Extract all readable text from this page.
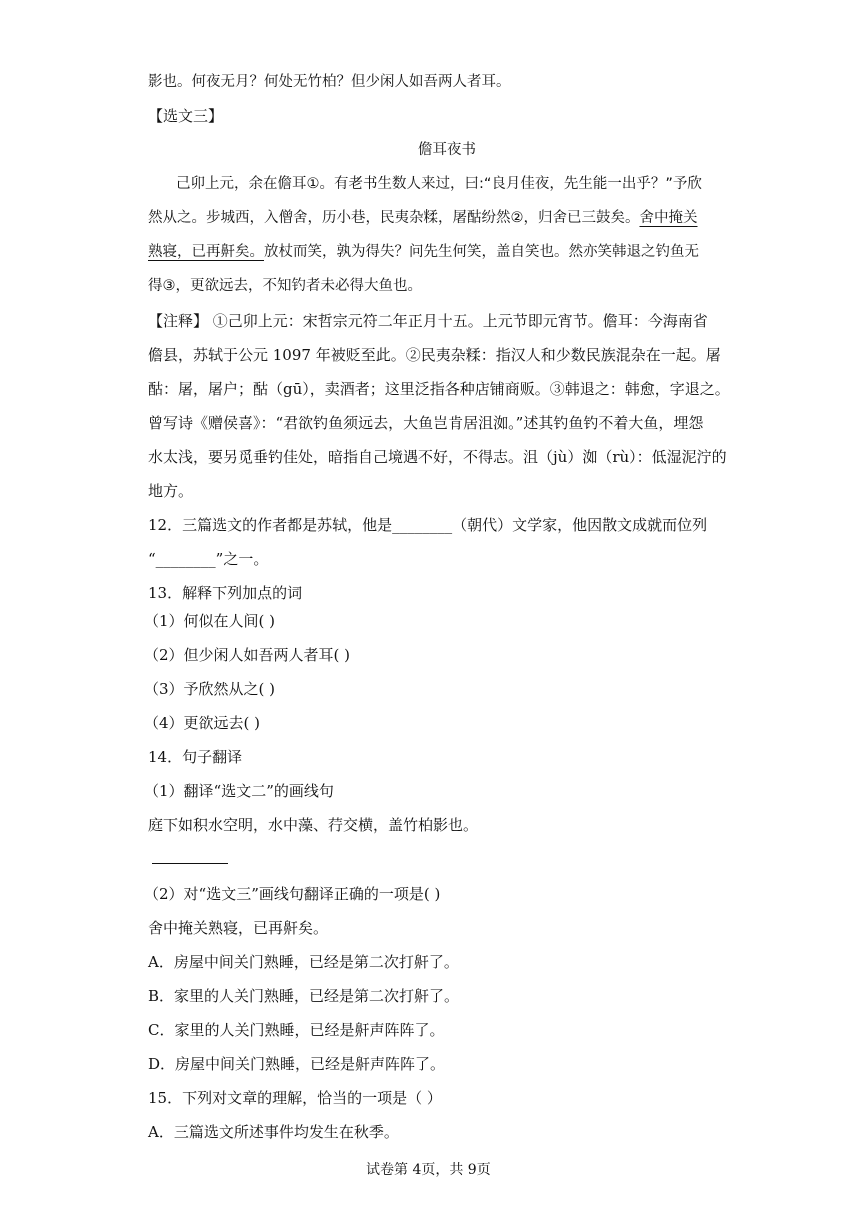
影也。何夜无月？何处无竹柏？但少闲人如吾两人者耳。
【选文三】
儋耳夜书
己卯上元，余在儋耳①。有老书生数人来过，曰:“良月佳夜，先生能一出乎？”予欣
然从之。步城西，入僧舍，历小巷，民夷杂糅，屠酤纷然②，归舍已三鼓矣。舍中掩关
熟寝，已再鼾矣。放杖而笑，孰为得失？问先生何笑，盖自笑也。然亦笑韩退之钓鱼无
得③，更欲远去，不知钓者未必得大鱼也。
【注释】 ①己卯上元：宋哲宗元符二年正月十五。上元节即元宵节。儋耳：今海南省
儋县，苏轼于公元 1097 年被贬至此。②民夷杂糅：指汉人和少数民族混杂在一起。屠
酤：屠，屠户；酤（gū），卖酒者；这里泛指各种店铺商贩。③韩退之：韩愈，字退之。
曾写诗《赠侯喜》：“君欲钓鱼须远去，大鱼岂肯居沮洳。”述其钓鱼钓不着大鱼，埋怨
水太浅，要另觅垂钓佳处，暗指自己境遇不好，不得志。沮（jù）洳（rù）：低湿泥泞的
地方。
12．三篇选文的作者都是苏轼，他是________（朝代）文学家，他因散文成就而位列
“________”之一。
13．解释下列加点的词
（1）何似在人间( )
（2）但少闲人如吾两人者耳( )
（3）予欣然从之( )
（4）更欲远去( )
14．句子翻译
（1）翻译“选文二”的画线句
庭下如积水空明，水中藻、荇交横，盖竹柏影也。
（2）对“选文三”画线句翻译正确的一项是( )
舍中掩关熟寝，已再鼾矣。
A．房屋中间关门熟睡，已经是第二次打鼾了。
B．家里的人关门熟睡，已经是第二次打鼾了。
C．家里的人关门熟睡，已经是鼾声阵阵了。
D．房屋中间关门熟睡，已经是鼾声阵阵了。
15．下列对文章的理解，恰当的一项是（ ）
A．三篇选文所述事件均发生在秋季。
试卷第 4页，共 9页
